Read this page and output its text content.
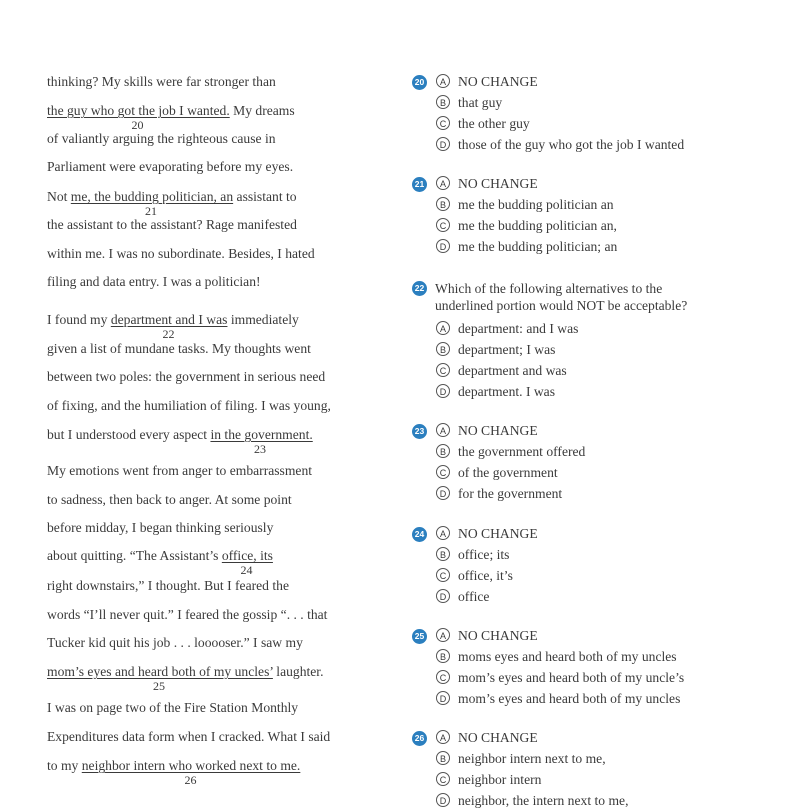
thinking? My skills were far stronger than
the guy who got the job I wanted. My dreams
20
of valiantly arguing the righteous cause in
Parliament were evaporating before my eyes.
Not me, the budding politician, an assistant to
21
the assistant to the assistant? Rage manifested
within me. I was no subordinate. Besides, I hated
filing and data entry. I was a politician!
I found my department and I was immediately
22
given a list of mundane tasks. My thoughts went
between two poles: the government in serious need
of fixing, and the humiliation of filing. I was young,
but I understood every aspect in the government.
23
My emotions went from anger to embarrassment
to sadness, then back to anger. At some point
before midday, I began thinking seriously
about quitting. “The Assistant’s office, its
24
right downstairs,” I thought. But I feared the
words “I’ll never quit.” I feared the gossip “. . . that
Tucker kid quit his job . . . looooser.” I saw my
mom’s eyes and heard both of my uncles’ laughter.
25
I was on page two of the Fire Station Monthly
Expenditures data form when I cracked. What I said
to my neighbor intern who worked next to me.
26
20	A NO CHANGE
B that guy
C the other guy
D those of the guy who got the job I wanted
21	A NO CHANGE
B me the budding politician an
C me the budding politician an,
D me the budding politician; an
22 Which of the following alternatives to the
underlined portion would NOT be acceptable?
A department: and I was
B department; I was
C department and was
D department. I was
23	A NO CHANGE
B the government offered
C of the government
D for the government
24	A NO CHANGE
B office; its
C office, it’s
D office
25	A NO CHANGE
B moms eyes and heard both of my uncles
C mom’s eyes and heard both of my uncle’s
D mom’s eyes and heard both of my uncles
26	A NO CHANGE
B neighbor intern next to me,
C neighbor intern
D neighbor, the intern next to me,
